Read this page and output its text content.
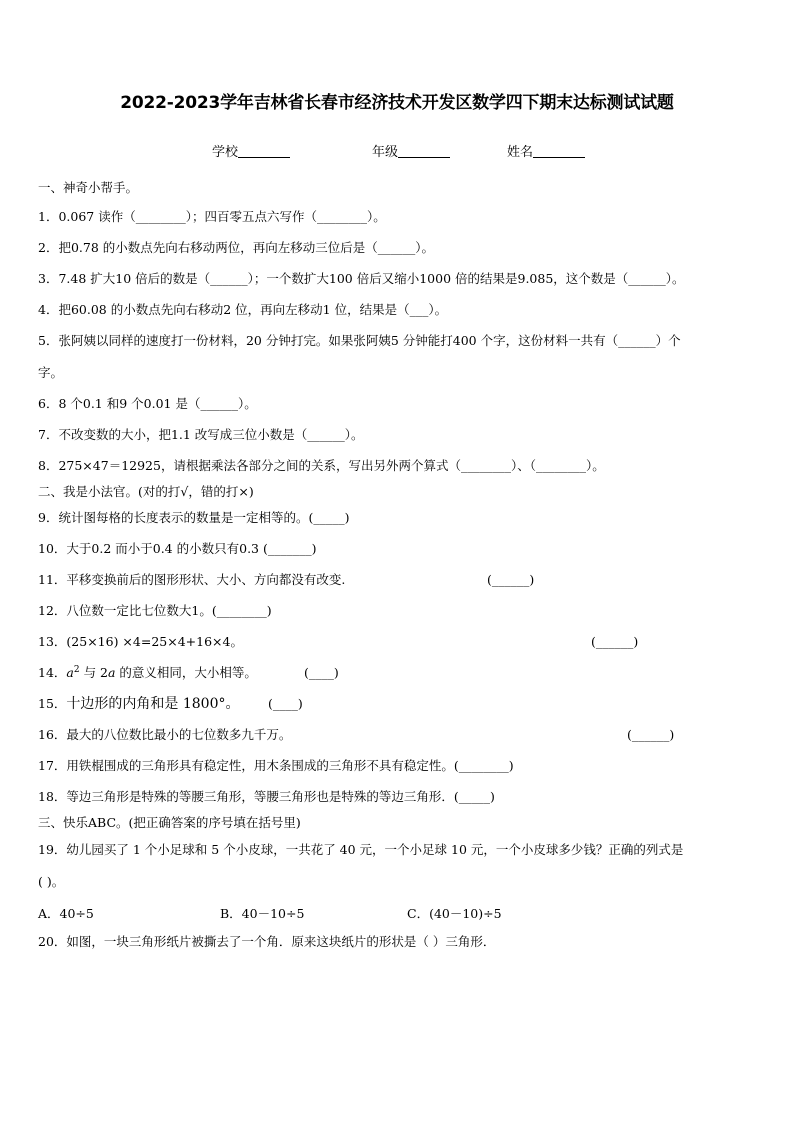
2022-2023学年吉林省长春市经济技术开发区数学四下期末达标测试试题
学校	年级	姓名
一、神奇小帮手。
1．0.067 读作（________）；四百零五点六写作（________）。
2．把0.78 的小数点先向右移动两位，再向左移动三位后是（______）。
3．7.48 扩大10 倍后的数是（______）；一个数扩大100 倍后又缩小1000 倍的结果是9.085，这个数是（______）。
4．把60.08 的小数点先向右移动2 位，再向左移动1 位，结果是（___）。
5．张阿姨以同样的速度打一份材料，20 分钟打完。如果张阿姨5 分钟能打400 个字，这份材料一共有（______）个
字。
6．8 个0.1 和9 个0.01 是（______）。
7．不改变数的大小，把1.1 改写成三位小数是（______）。
8．275×47＝12925，请根据乘法各部分之间的关系，写出另外两个算式（________）、（________）。
二、我是小法官。(对的打√，错的打×)
9．统计图每格的长度表示的数量是一定相等的。(_____)
10．大于0.2 而小于0.4 的小数只有0.3 (_______)
11．平移变换前后的图形形状、大小、方向都没有改变.	(______)
12．八位数一定比七位数大1。(________)
13．(25×16) ×4=25×4+16×4。	(______)
14．$a^2$ 与 2a 的意义相同，大小相等。	(____)
15．十边形的内角和是 1800°。 (____)
16．最大的八位数比最小的七位数多九千万。	(______)
17．用铁棍围成的三角形具有稳定性，用木条围成的三角形不具有稳定性。(________)
18．等边三角形是特殊的等腰三角形，等腰三角形也是特殊的等边三角形．(_____)
三、快乐ABC。(把正确答案的序号填在括号里)
19．幼儿园买了 1 个小足球和 5 个小皮球，一共花了 40 元，一个小足球 10 元，一个小皮球多少钱？正确的列式是
( )。
A．40÷5	B．40－10÷5	C．(40－10)÷5
20．如图，一块三角形纸片被撕去了一个角．原来这块纸片的形状是（ ）三角形．
